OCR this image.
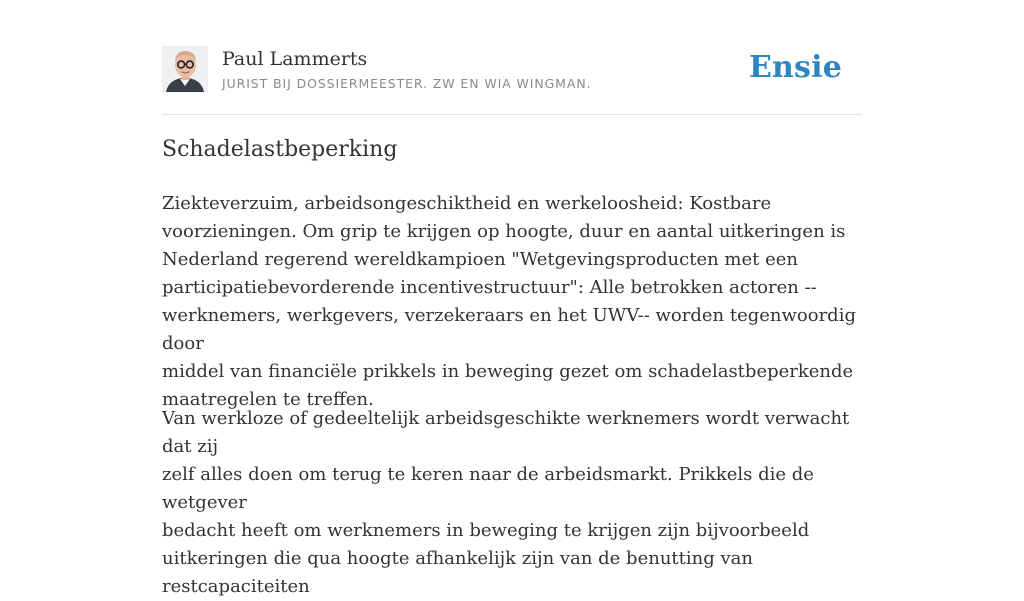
Paul Lammerts
JURIST BIJ DOSSIERMEESTER. ZW EN WIA WINGMAN.	Ensie
Schadelastbeperking

Ziekteverzuim, arbeidsongeschiktheid en werkeloosheid: Kostbare
voorzieningen. Om grip te krijgen op hoogte, duur en aantal uitkeringen is
Nederland regerend wereldkampioen "Wetgevingsproducten met een
participatiebevorderende incentivestructuur": Alle betrokken actoren --
werknemers, werkgevers, verzekeraars en het UWV-- worden tegenwoordig door
middel van financiële prikkels in beweging gezet om schadelastbeperkende
maatregelen te treffen.

Van werkloze of gedeeltelijk arbeidsgeschikte werknemers wordt verwacht dat zij
zelf alles doen om terug te keren naar de arbeidsmarkt. Prikkels die de wetgever
bedacht heeft om werknemers in beweging te krijgen zijn bijvoorbeeld
uitkeringen die qua hoogte afhankelijk zijn van de benutting van restcapaciteiten
